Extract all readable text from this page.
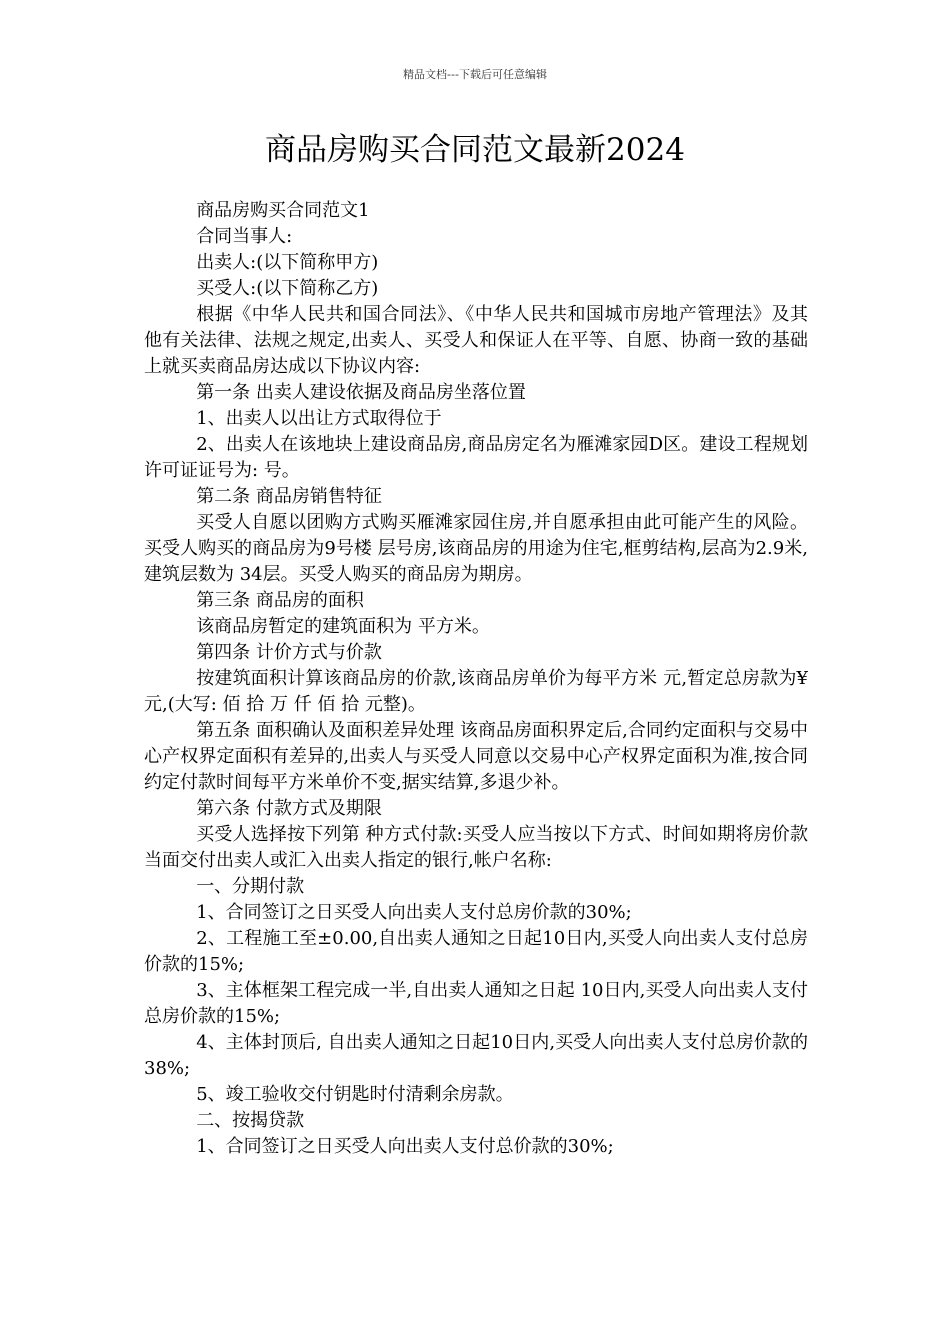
精品文档---下载后可任意编辑
商品房购买合同范文最新2024

商品房购买合同范文1

合同当事人:

出卖人:(以下简称甲方)

买受人:(以下简称乙方)

根据《中华人民共和国合同法》、《中华人民共和国城市房地产管理法》及其他有关法律、法规之规定,出卖人、买受人和保证人在平等、自愿、协商一致的基础上就买卖商品房达成以下协议内容:

第一条 出卖人建设依据及商品房坐落位置

1、出卖人以出让方式取得位于

2、出卖人在该地块上建设商品房,商品房定名为雁滩家园D区。建设工程规划许可证证号为: 号。

第二条 商品房销售特征

买受人自愿以团购方式购买雁滩家园住房,并自愿承担由此可能产生的风险。买受人购买的商品房为9号楼 层号房,该商品房的用途为住宅,框剪结构,层高为2.9米,建筑层数为 34层。买受人购买的商品房为期房。

第三条 商品房的面积

该商品房暂定的建筑面积为 平方米。

第四条 计价方式与价款

按建筑面积计算该商品房的价款,该商品房单价为每平方米 元,暂定总房款为¥ 元,(大写: 佰 拾 万 仟 佰 拾 元整)。

第五条 面积确认及面积差异处理 该商品房面积界定后,合同约定面积与交易中心产权界定面积有差异的,出卖人与买受人同意以交易中心产权界定面积为准,按合同约定付款时间每平方米单价不变,据实结算,多退少补。

第六条 付款方式及期限

买受人选择按下列第 种方式付款:买受人应当按以下方式、时间如期将房价款当面交付出卖人或汇入出卖人指定的银行,帐户名称:

一、分期付款

1、合同签订之日买受人向出卖人支付总房价款的30%;

2、工程施工至±0.00,自出卖人通知之日起10日内,买受人向出卖人支付总房价款的15%;

3、主体框架工程完成一半,自出卖人通知之日起 10日内,买受人向出卖人支付总房价款的15%;

4、主体封顶后, 自出卖人通知之日起10日内,买受人向出卖人支付总房价款的38%;

5、竣工验收交付钥匙时付清剩余房款。

二、按揭贷款

1、合同签订之日买受人向出卖人支付总价款的30%;
